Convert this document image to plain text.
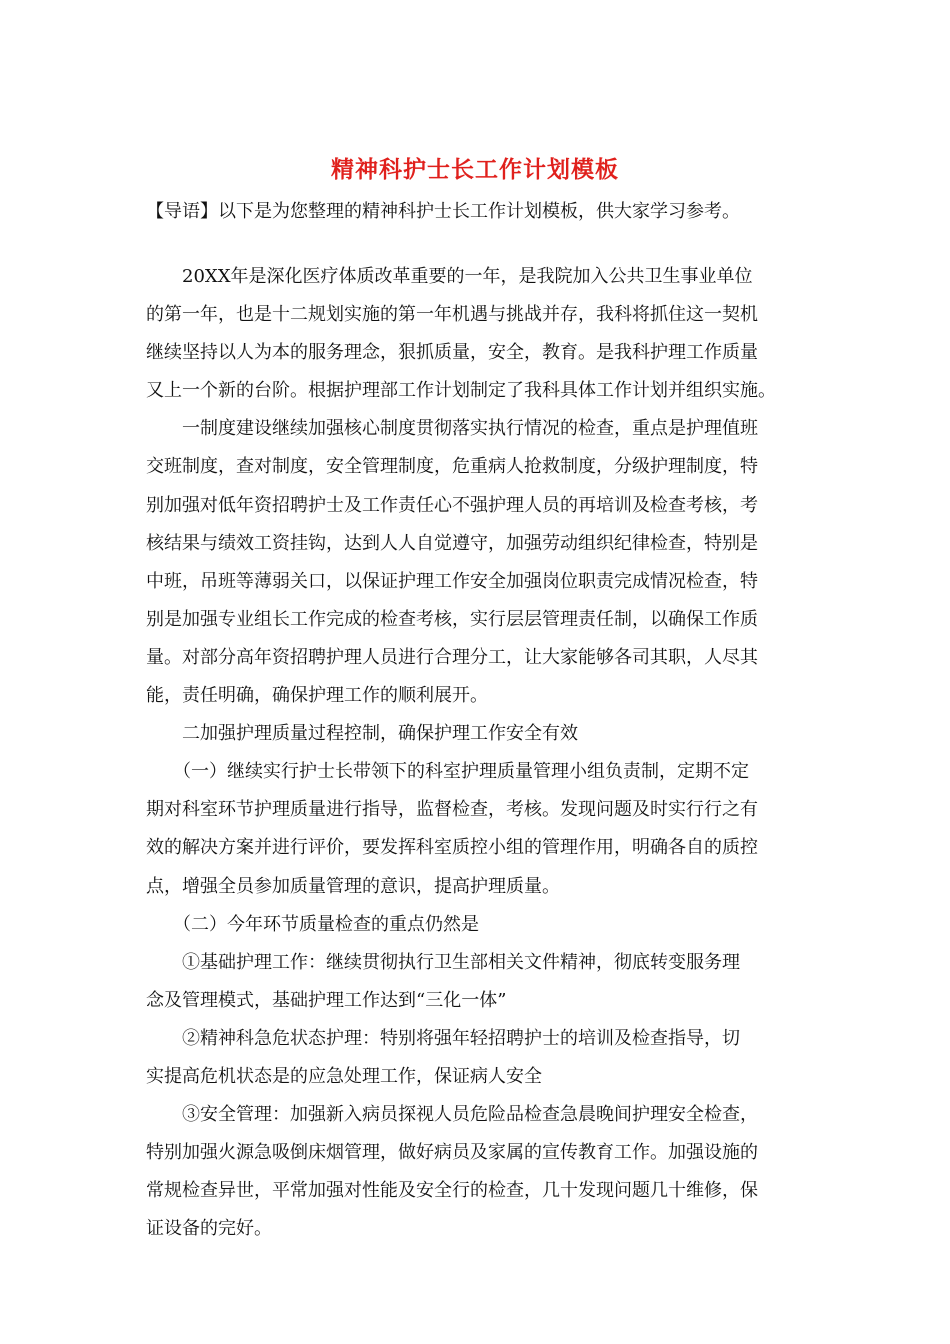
精神科护士长工作计划模板
【导语】以下是为您整理的精神科护士长工作计划模板，供大家学习参考。

　　20XX年是深化医疗体质改革重要的一年，是我院加入公共卫生事业单位
的第一年，也是十二规划实施的第一年机遇与挑战并存，我科将抓住这一契机
继续坚持以人为本的服务理念，狠抓质量，安全，教育。是我科护理工作质量
又上一个新的台阶。根据护理部工作计划制定了我科具体工作计划并组织实施。

　　一制度建设继续加强核心制度贯彻落实执行情况的检查，重点是护理值班
交班制度，查对制度，安全管理制度，危重病人抢救制度，分级护理制度，特
别加强对低年资招聘护士及工作责任心不强护理人员的再培训及检查考核，考
核结果与绩效工资挂钩，达到人人自觉遵守，加强劳动组织纪律检查，特别是
中班，吊班等薄弱关口，以保证护理工作安全加强岗位职责完成情况检查，特
别是加强专业组长工作完成的检查考核，实行层层管理责任制，以确保工作质
量。对部分高年资招聘护理人员进行合理分工，让大家能够各司其职，人尽其
能，责任明确，确保护理工作的顺利展开。

　　二加强护理质量过程控制，确保护理工作安全有效

　　（一）继续实行护士长带领下的科室护理质量管理小组负责制，定期不定
期对科室环节护理质量进行指导，监督检查，考核。发现问题及时实行行之有
效的解决方案并进行评价，要发挥科室质控小组的管理作用，明确各自的质控
点，增强全员参加质量管理的意识，提高护理质量。

　　（二）今年环节质量检查的重点仍然是

　　①基础护理工作：继续贯彻执行卫生部相关文件精神，彻底转变服务理
念及管理模式，基础护理工作达到“三化一体”

　　②精神科急危状态护理：特别将强年轻招聘护士的培训及检查指导，切
实提高危机状态是的应急处理工作，保证病人安全

　　③安全管理：加强新入病员探视人员危险品检查急晨晚间护理安全检查，
特别加强火源急吸倒床烟管理，做好病员及家属的宣传教育工作。加强设施的
常规检查异世，平常加强对性能及安全行的检查，几十发现问题几十维修，保
证设备的完好。
